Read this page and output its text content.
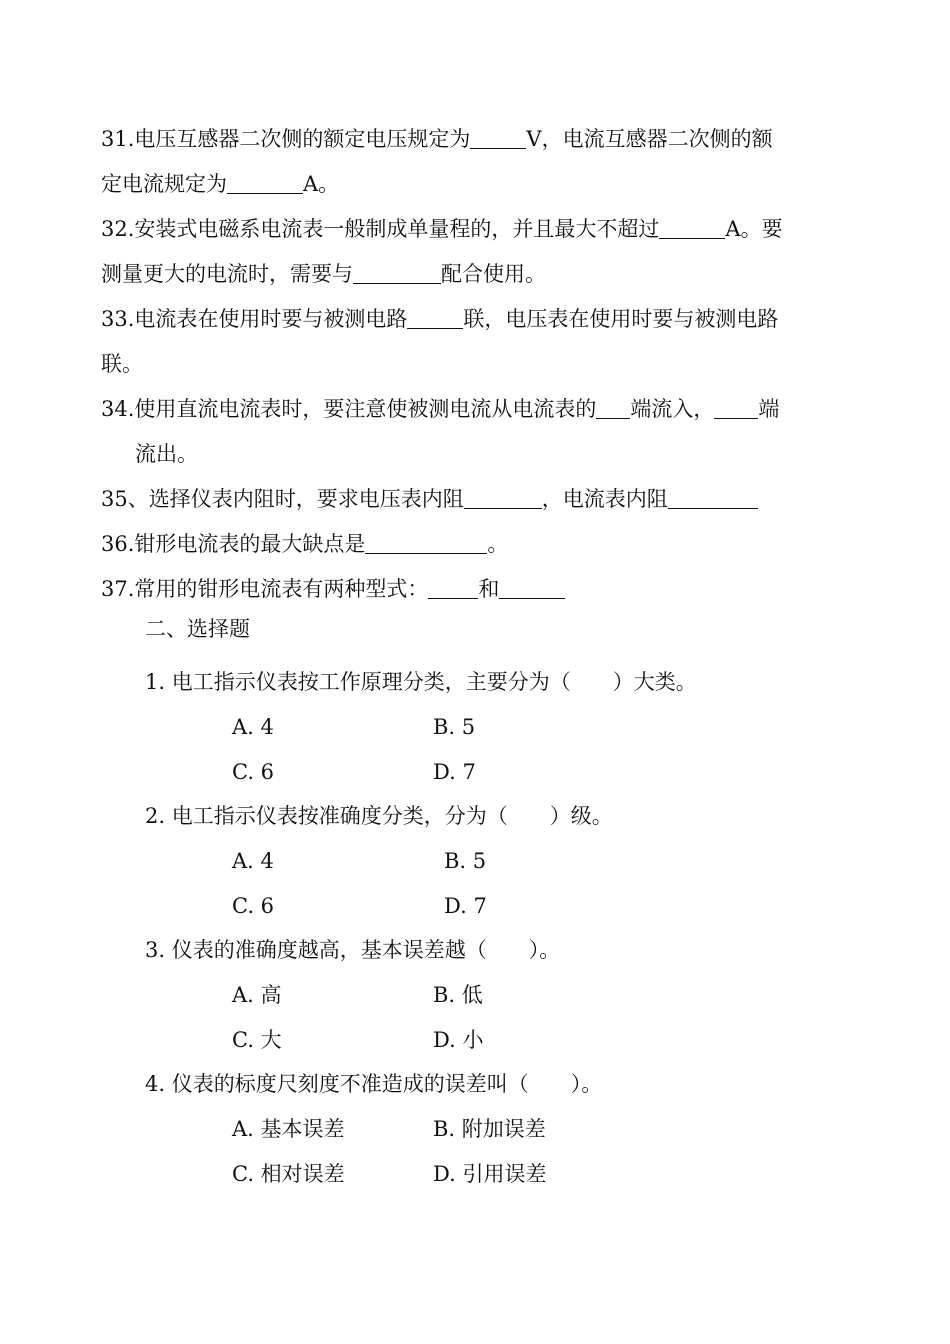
31.电压互感器二次侧的额定电压规定为	V，电流互感器二次侧的额
定电流规定为	A。
32.安装式电磁系电流表一般制成单量程的，并且最大不超过	A。要
测量更大的电流时，需要与	配合使用。
33.电流表在使用时要与被测电路	联，电压表在使用时要与被测电路
联。
34.使用直流电流表时，要注意使被测电流从电流表的 端流入， 端
流出。
35、选择仪表内阻时，要求电压表内阻	，电流表内阻
36.钳形电流表的最大缺点是	。
37.常用的钳形电流表有两种型式： 和
二、选择题
1. 电工指示仪表按工作原理分类，主要分为（　　）大类。
A. 4	B. 5
C. 6	D. 7
2. 电工指示仪表按准确度分类，分为（　　）级。
A. 4	B. 5
C. 6	D. 7
3. 仪表的准确度越高，基本误差越（　　）。
A. 高	B. 低
C. 大	D. 小
4. 仪表的标度尺刻度不准造成的误差叫（　　）。
A. 基本误差	B. 附加误差
C. 相对误差	D. 引用误差
